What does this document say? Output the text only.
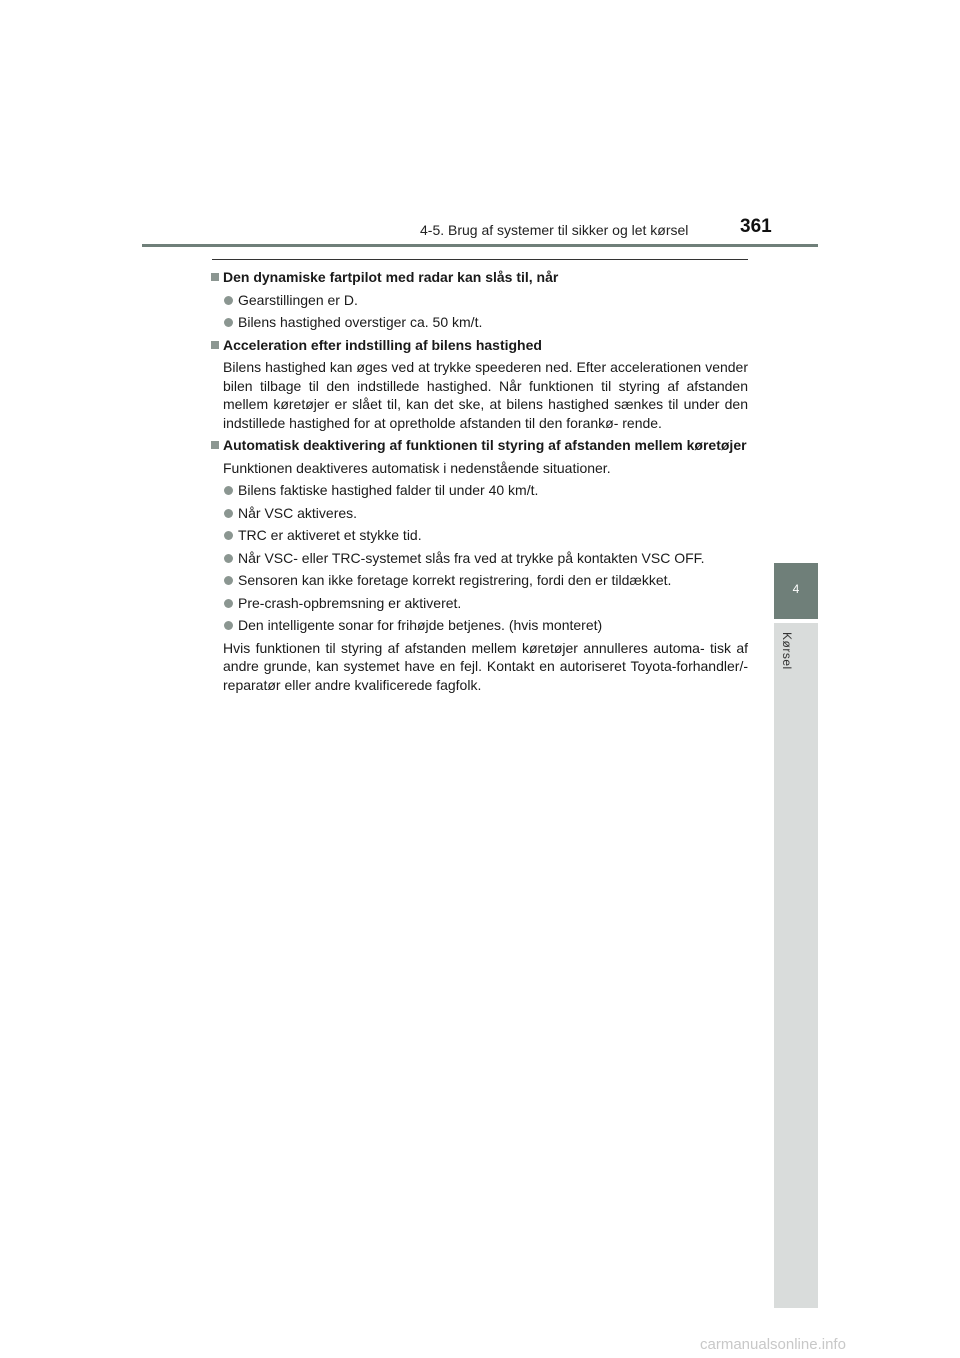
4-5. Brug af systemer til sikker og let kørsel	361
Den dynamiske fartpilot med radar kan slås til, når
Gearstillingen er D.
Bilens hastighed overstiger ca. 50 km/t.
Acceleration efter indstilling af bilens hastighed
Bilens hastighed kan øges ved at trykke speederen ned. Efter accelerationen vender bilen tilbage til den indstillede hastighed. Når funktionen til styring af afstanden mellem køretøjer er slået til, kan det ske, at bilens hastighed sænkes til under den indstillede hastighed for at opretholde afstanden til den forankø- rende.
Automatisk deaktivering af funktionen til styring af afstanden mellem køretøjer
Funktionen deaktiveres automatisk i nedenstående situationer.
Bilens faktiske hastighed falder til under 40 km/t.
Når VSC aktiveres.
TRC er aktiveret et stykke tid.
Når VSC- eller TRC-systemet slås fra ved at trykke på kontakten VSC OFF.
Sensoren kan ikke foretage korrekt registrering, fordi den er tildækket.
Pre-crash-opbremsning er aktiveret.
Den intelligente sonar for frihøjde betjenes. (hvis monteret)
Hvis funktionen til styring af afstanden mellem køretøjer annulleres automa- tisk af andre grunde, kan systemet have en fejl. Kontakt en autoriseret Toyota-forhandler/-reparatør eller andre kvalificerede fagfolk.
4
Kørsel
carmanualsonline.info
